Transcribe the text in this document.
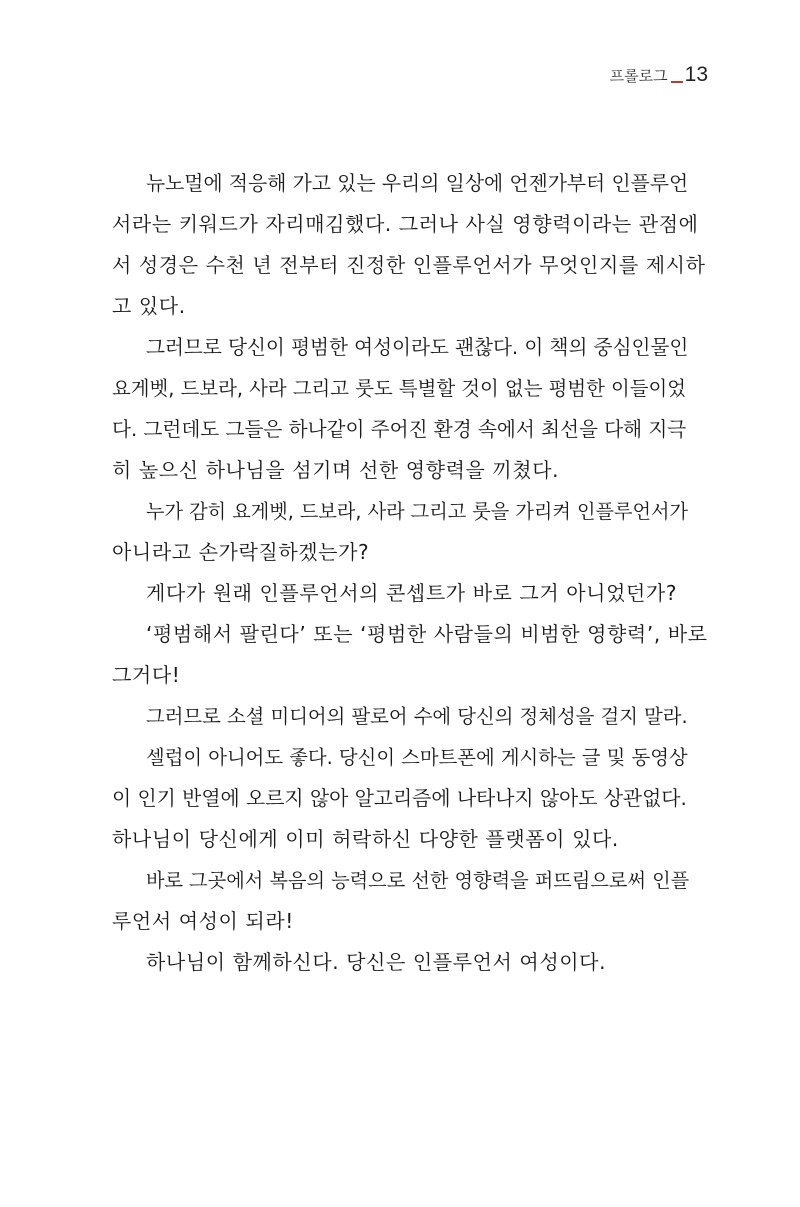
프롤로그 13
뉴노멀에 적응해 가고 있는 우리의 일상에 언젠가부터 인플루언
서라는 키워드가 자리매김했다. 그러나 사실 영향력이라는 관점에
서 성경은 수천 년 전부터 진정한 인플루언서가 무엇인지를 제시하
고 있다.
그러므로 당신이 평범한 여성이라도 괜찮다. 이 책의 중심인물인
요게벳, 드보라, 사라 그리고 룻도 특별할 것이 없는 평범한 이들이었
다. 그런데도 그들은 하나같이 주어진 환경 속에서 최선을 다해 지극
히 높으신 하나님을 섬기며 선한 영향력을 끼쳤다.
누가 감히 요게벳, 드보라, 사라 그리고 룻을 가리켜 인플루언서가
아니라고 손가락질하겠는가?
게다가 원래 인플루언서의 콘셉트가 바로 그거 아니었던가?
‘평범해서 팔린다’ 또는 ‘평범한 사람들의 비범한 영향력’, 바로
그거다!
그러므로 소셜 미디어의 팔로어 수에 당신의 정체성을 걸지 말라.
셀럽이 아니어도 좋다. 당신이 스마트폰에 게시하는 글 및 동영상
이 인기 반열에 오르지 않아 알고리즘에 나타나지 않아도 상관없다.
하나님이 당신에게 이미 허락하신 다양한 플랫폼이 있다.
바로 그곳에서 복음의 능력으로 선한 영향력을 퍼뜨림으로써 인플
루언서 여성이 되라!
하나님이 함께하신다. 당신은 인플루언서 여성이다.
